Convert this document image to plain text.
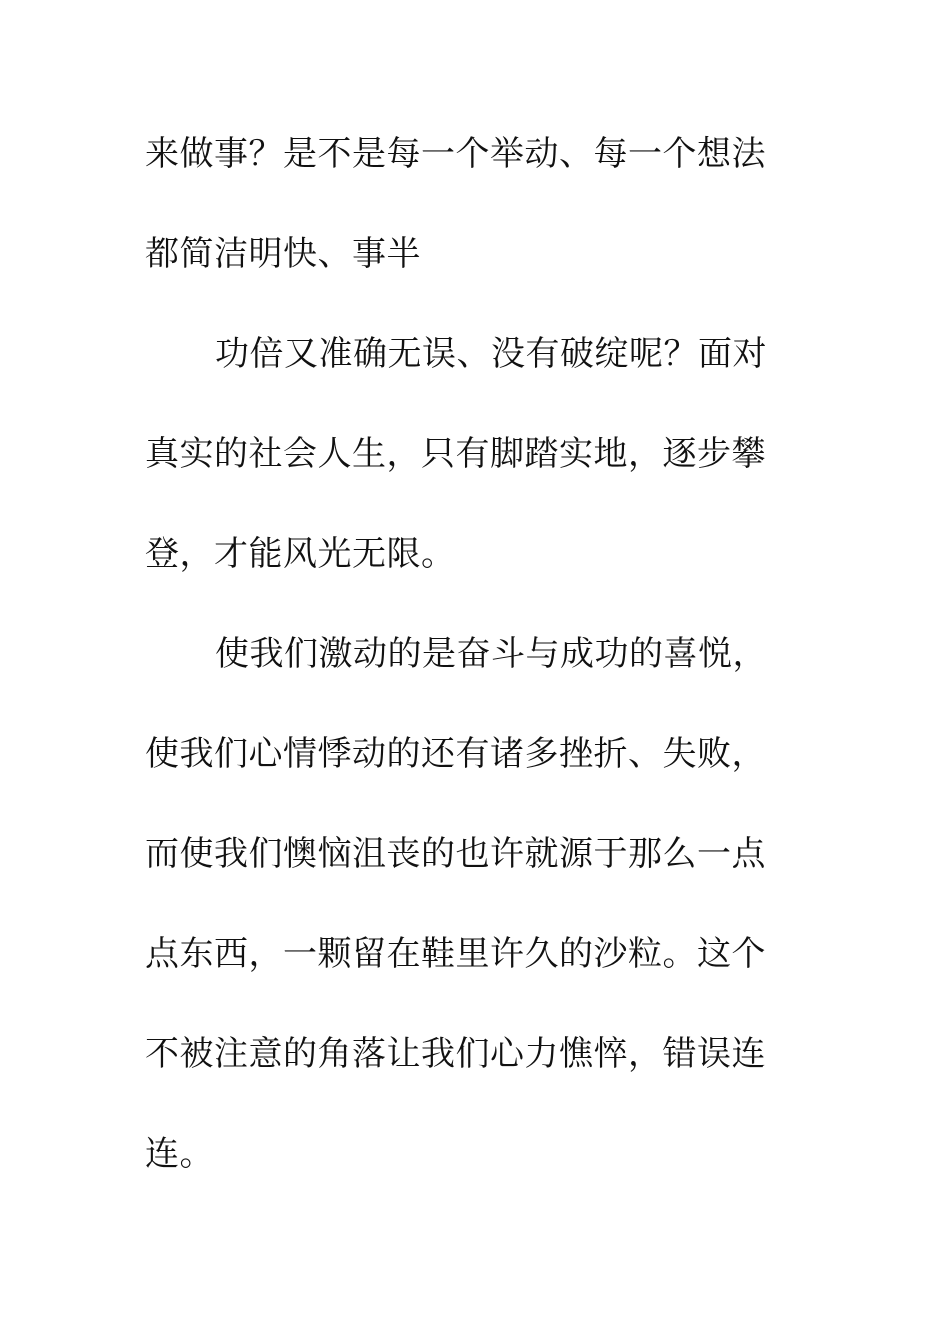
来做事？是不是每一个举动、每一个想法
都简洁明快、事半
功倍又准确无误、没有破绽呢？面对
真实的社会人生，只有脚踏实地，逐步攀
登，才能风光无限。
使我们激动的是奋斗与成功的喜悦，
使我们心情悸动的还有诸多挫折、失败，
而使我们懊恼沮丧的也许就源于那么一点
点东西，一颗留在鞋里许久的沙粒。这个
不被注意的角落让我们心力憔悴，错误连
连。
